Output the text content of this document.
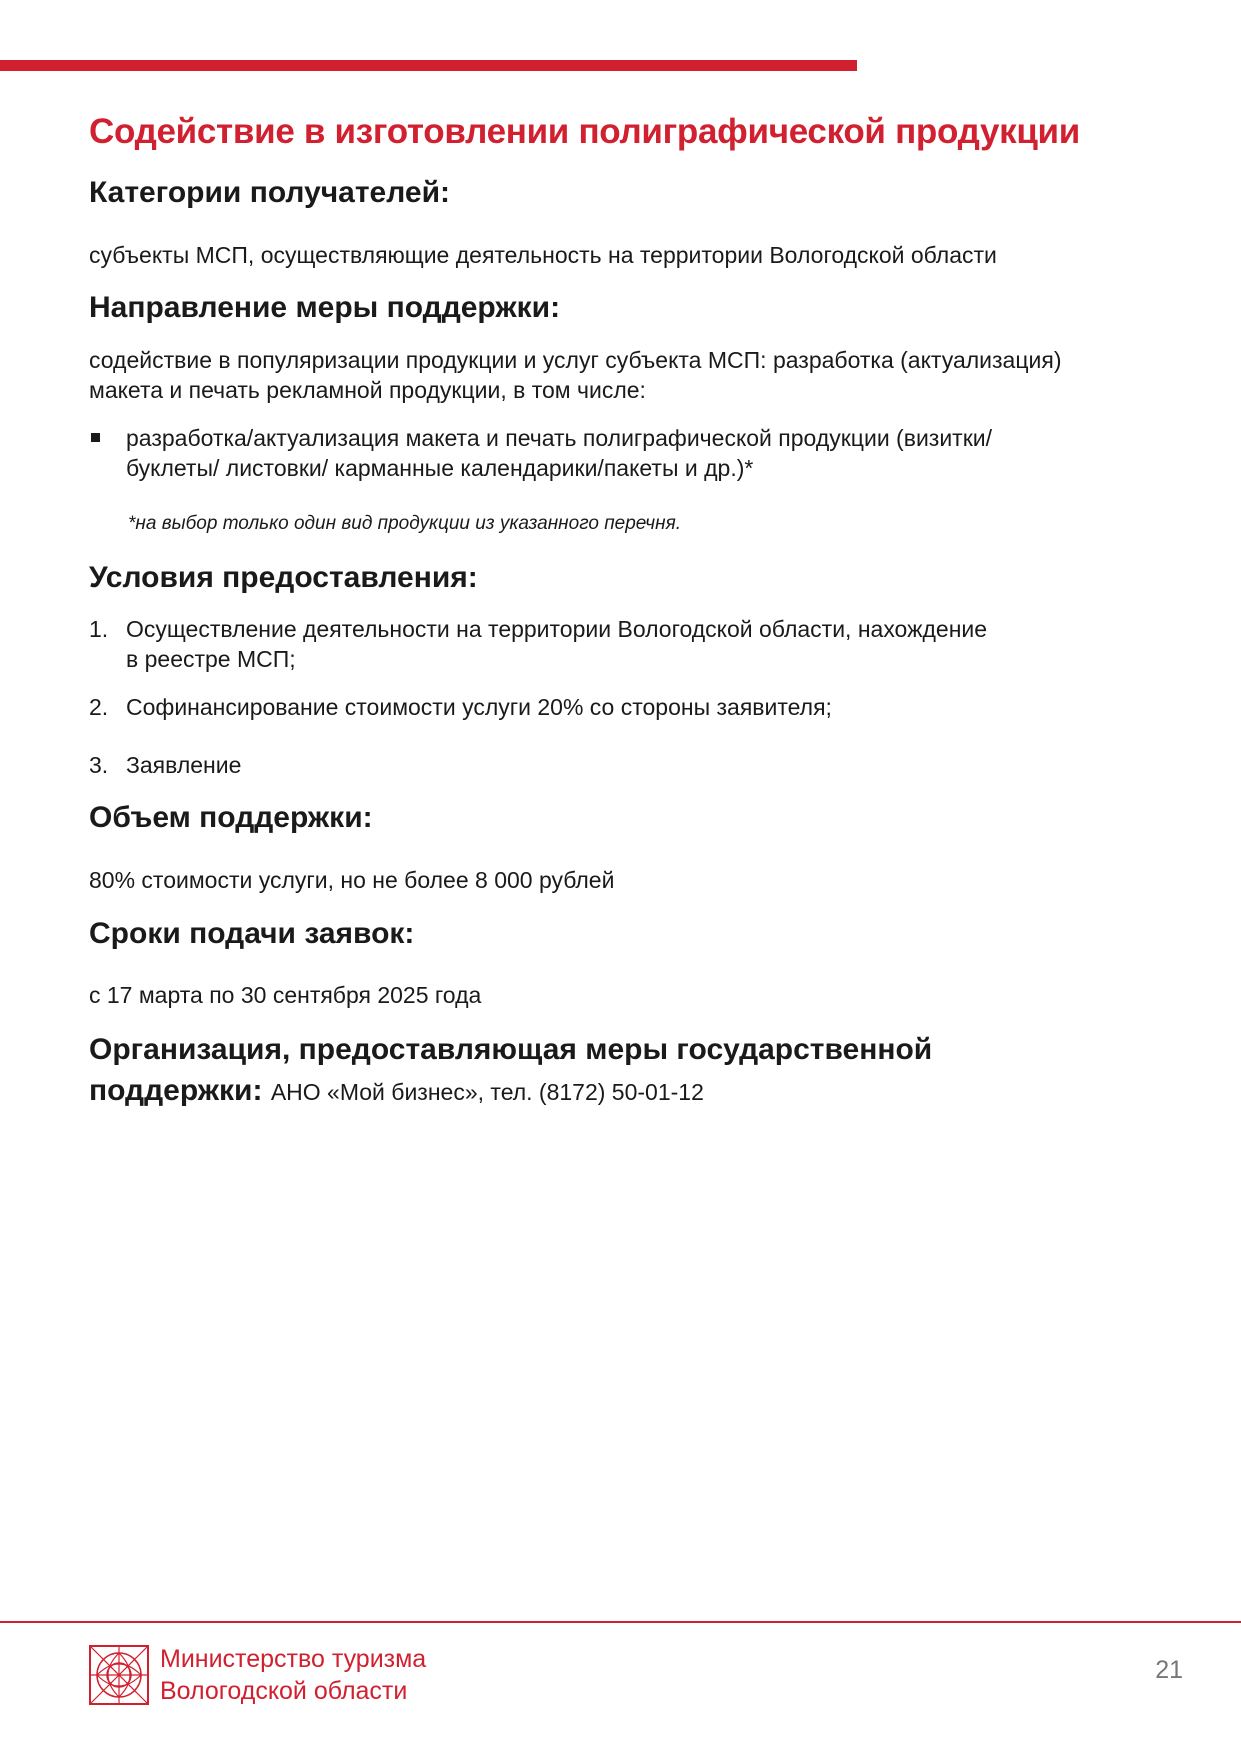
Содействие в изготовлении полиграфической продукции
Категории получателей:

субъекты МСП, осуществляющие деятельность на территории Вологодской области

Направление меры поддержки:

содействие в популяризации продукции и услуг субъекта МСП: разработка (актуализация)

макета и печать рекламной продукции, в том числе:

разработка/актуализация макета и печать полиграфической продукции (визитки/

буклеты/ листовки/ карманные календарики/пакеты и др.)*

*на выбор только один вид продукции из указанного перечня.

Условия предоставления:

1. Осуществление деятельности на территории Вологодской области, нахождение

в реестре МСП;

2. Софинансирование стоимости услуги 20% со стороны заявителя;

3. Заявление

Объем поддержки:

80% стоимости услуги, но не более 8 000 рублей

Сроки подачи заявок:

с 17 марта по 30 сентября 2025 года

Организация, предоставляющая меры государственной

поддержки: АНО «Мой бизнес», тел. (8172) 50-01-12

Министерство туризма

Вологодской области

21
